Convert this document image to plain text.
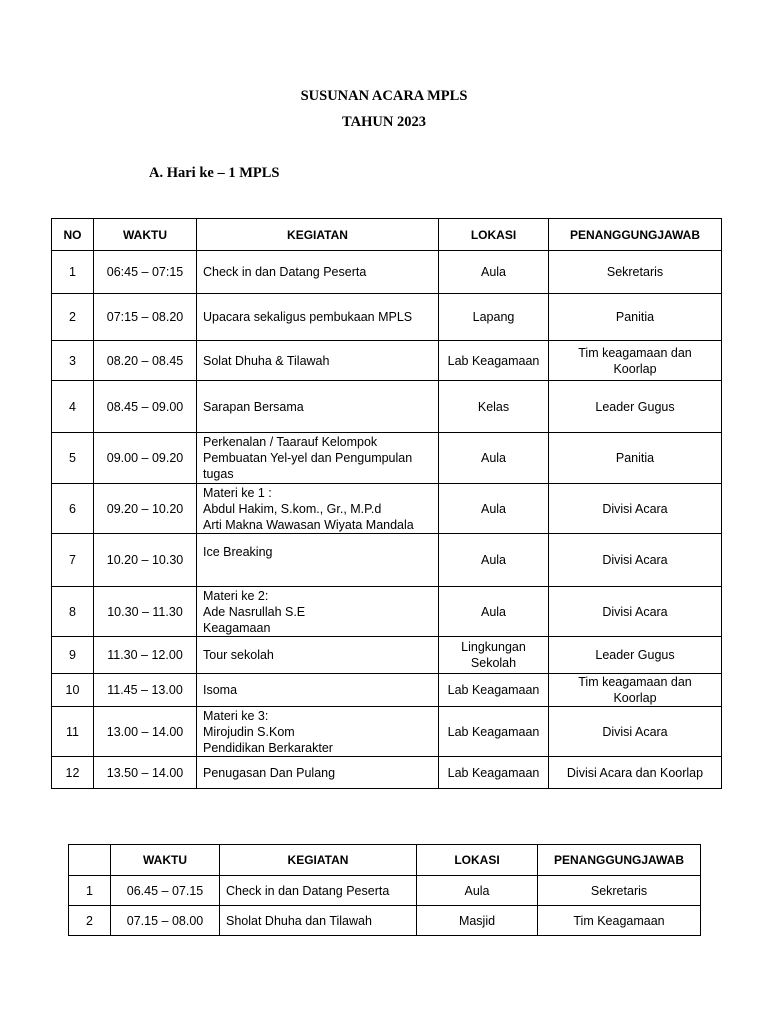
SUSUNAN ACARA MPLS
TAHUN 2023
A. Hari ke – 1 MPLS
NO	WAKTU	KEGIATAN	LOKASI	PENANGGUNGJAWAB
1	06:45 – 07:15	Check in dan Datang Peserta	Aula	Sekretaris

2	07:15 – 08.20	Upacara sekaligus pembukaan MPLS	Lapang	Panitia

3	08.20 – 08.45	Solat Dhuha & Tilawah	Lab Keagamaan	Tim keagamaan dan
Koorlap

4	08.45 – 09.00	Sarapan Bersama	Kelas	Leader Gugus

5	09.00 – 09.20	Perkenalan / Taarauf Kelompok
Pembuatan Yel-yel dan Pengumpulan
tugas	Aula	Panitia

6	09.20 – 10.20	Materi ke 1 :
Abdul Hakim, S.kom., Gr., M.P.d
Arti Makna Wawasan Wiyata Mandala	Aula	Divisi Acara

7	10.20 – 10.30	Ice Breaking	Aula	Divisi Acara

8	10.30 – 11.30	Materi ke 2:
Ade Nasrullah S.E
Keagamaan	Aula	Divisi Acara

9	11.30 – 12.00	Tour sekolah	Lingkungan
Sekolah	Leader Gugus

10	11.45 – 13.00	Isoma	Lab Keagamaan	Tim keagamaan dan
Koorlap

11	13.00 – 14.00	Materi ke 3:
Mirojudin S.Kom
Pendidikan Berkarakter	Lab Keagamaan	Divisi Acara

12	13.50 – 14.00	Penugasan Dan Pulang	Lab Keagamaan	Divisi Acara dan Koorlap
	WAKTU	KEGIATAN	LOKASI	PENANGGUNGJAWAB
1	06.45 – 07.15	Check in dan Datang Peserta	Aula	Sekretaris

2	07.15 – 08.00	Sholat Dhuha dan Tilawah	Masjid	Tim Keagamaan
